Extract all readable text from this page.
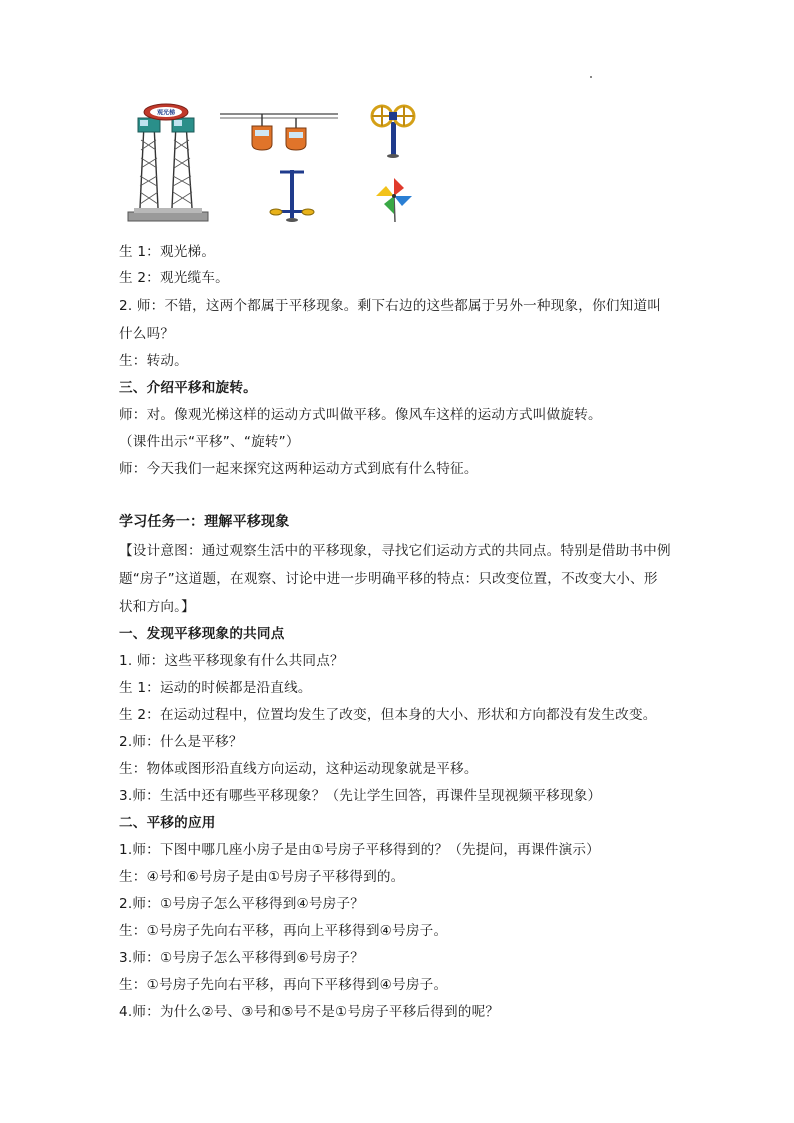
观光梯
生 1：观光梯。
生 2：观光缆车。
2. 师：不错，这两个都属于平移现象。剩下右边的这些都属于另外一种现象，你们知道叫
什么吗？
生：转动。
三、介绍平移和旋转。
师：对。像观光梯这样的运动方式叫做平移。像风车这样的运动方式叫做旋转。
（课件出示“平移”、“旋转”）
师：今天我们一起来探究这两种运动方式到底有什么特征。
学习任务一：理解平移现象
【设计意图：通过观察生活中的平移现象，寻找它们运动方式的共同点。特别是借助书中例
题“房子”这道题，在观察、讨论中进一步明确平移的特点：只改变位置，不改变大小、形
状和方向。】
一、发现平移现象的共同点
1. 师：这些平移现象有什么共同点？
生 1：运动的时候都是沿直线。
生 2：在运动过程中，位置均发生了改变，但本身的大小、形状和方向都没有发生改变。
2.师：什么是平移？
生：物体或图形沿直线方向运动，这种运动现象就是平移。
3.师：生活中还有哪些平移现象？（先让学生回答，再课件呈现视频平移现象）
二、平移的应用
1.师：下图中哪几座小房子是由①号房子平移得到的？（先提问，再课件演示）
生：④号和⑥号房子是由①号房子平移得到的。
2.师：①号房子怎么平移得到④号房子？
生：①号房子先向右平移，再向上平移得到④号房子。
3.师：①号房子怎么平移得到⑥号房子？
生：①号房子先向右平移，再向下平移得到④号房子。
4.师：为什么②号、③号和⑤号不是①号房子平移后得到的呢？
